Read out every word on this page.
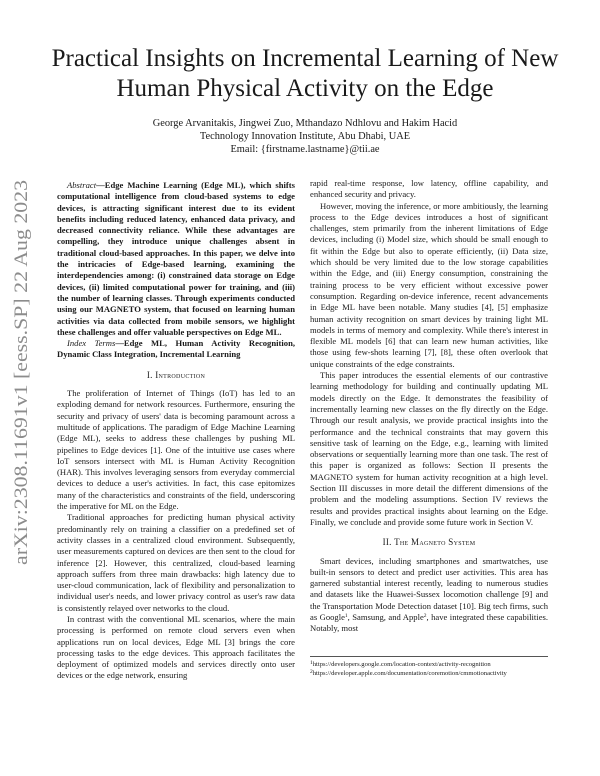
arXiv:2308.11691v1 [eess.SP] 22 Aug 2023
Practical Insights on Incremental Learning of New
Human Physical Activity on the Edge
George Arvanitakis, Jingwei Zuo, Mthandazo Ndhlovu and Hakim Hacid
Technology Innovation Institute, Abu Dhabi, UAE
Email: {firstname.lastname}@tii.ae

Abstract—Edge Machine Learning (Edge ML), which shifts computational intelligence from cloud-based systems to edge devices, is attracting significant interest due to its evident benefits including reduced latency, enhanced data privacy, and decreased connectivity reliance. While these advantages are compelling, they introduce unique challenges absent in traditional cloud-based approaches. In this paper, we delve into the intricacies of Edge-based learning, examining the interdependencies among: (i) constrained data storage on Edge devices, (ii) limited computational power for training, and (iii) the number of learning classes. Through experiments conducted using our MAGNETO system, that focused on learning human activities via data collected from mobile sensors, we highlight these challenges and offer valuable perspectives on Edge ML.

Index Terms—Edge ML, Human Activity Recognition, Dynamic Class Integration, Incremental Learning

I. Introduction

The proliferation of Internet of Things (IoT) has led to an exploding demand for network resources. Furthermore, ensuring the security and privacy of users' data is becoming paramount across a multitude of applications. The paradigm of Edge Machine Learning (Edge ML), seeks to address these challenges by pushing ML pipelines to Edge devices [1]. One of the intuitive use cases where IoT sensors intersect with ML is Human Activity Recognition (HAR). This involves leveraging sensors from everyday commercial devices to deduce a user's activities. In fact, this case epitomizes many of the characteristics and constraints of the field, underscoring the imperative for ML on the Edge.

Traditional approaches for predicting human physical activity predominantly rely on training a classifier on a predefined set of activity classes in a centralized cloud environment. Subsequently, user measurements captured on devices are then sent to the cloud for inference [2]. However, this centralized, cloud-based learning approach suffers from three main drawbacks: high latency due to user-cloud communication, lack of flexibility and personalization to individual user's needs, and lower privacy control as user's raw data is consistently relayed over networks to the cloud.

In contrast with the conventional ML scenarios, where the main processing is performed on remote cloud servers even when applications run on local devices, Edge ML [3] brings the core processing tasks to the edge devices. This approach facilitates the deployment of optimized models and services directly onto user devices or the edge network, ensuring

rapid real-time response, low latency, offline capability, and enhanced security and privacy.

However, moving the inference, or more ambitiously, the learning process to the Edge devices introduces a host of significant challenges, stem primarily from the inherent limitations of Edge devices, including (i) Model size, which should be small enough to fit within the Edge but also to operate efficiently, (ii) Data size, which should be very limited due to the low storage capabilities within the Edge, and (iii) Energy consumption, constraining the training process to be very efficient without excessive power consumption. Regarding on-device inference, recent advancements in Edge ML have been notable. Many studies [4], [5] emphasize human activity recognition on smart devices by training light ML models in terms of memory and complexity. While there's interest in flexible ML models [6] that can learn new human activities, like those using few-shots learning [7], [8], these often overlook that unique constraints of the edge constraints.

This paper introduces the essential elements of our contrastive learning methodology for building and continually updating ML models directly on the Edge. It demonstrates the feasibility of incrementally learning new classes on the fly directly on the Edge. Through our result analysis, we provide practical insights into the performance and the technical constraints that may govern this sensitive task of learning on the Edge, e.g., learning with limited observations or sequentially learning more than one task. The rest of this paper is organized as follows: Section II presents the MAGNETO system for human activity recognition at a high level. Section III discusses in more detail the different dimensions of the problem and the modeling assumptions. Section IV reviews the results and provides practical insights about learning on the Edge. Finally, we conclude and provide some future work in Section V.

II. The Magneto System

Smart devices, including smartphones and smartwatches, use built-in sensors to detect and predict user activities. This area has garnered substantial interest recently, leading to numerous studies and datasets like the Huawei-Sussex locomotion challenge [9] and the Transportation Mode Detection dataset [10]. Big tech firms, such as Google$^1$, Samsung, and Apple$^2$, have integrated these capabilities. Notably, most

$^1$https://developers.google.com/location-context/activity-recognition
$^2$https://developer.apple.com/documentation/coremotion/cmmotionactivity
